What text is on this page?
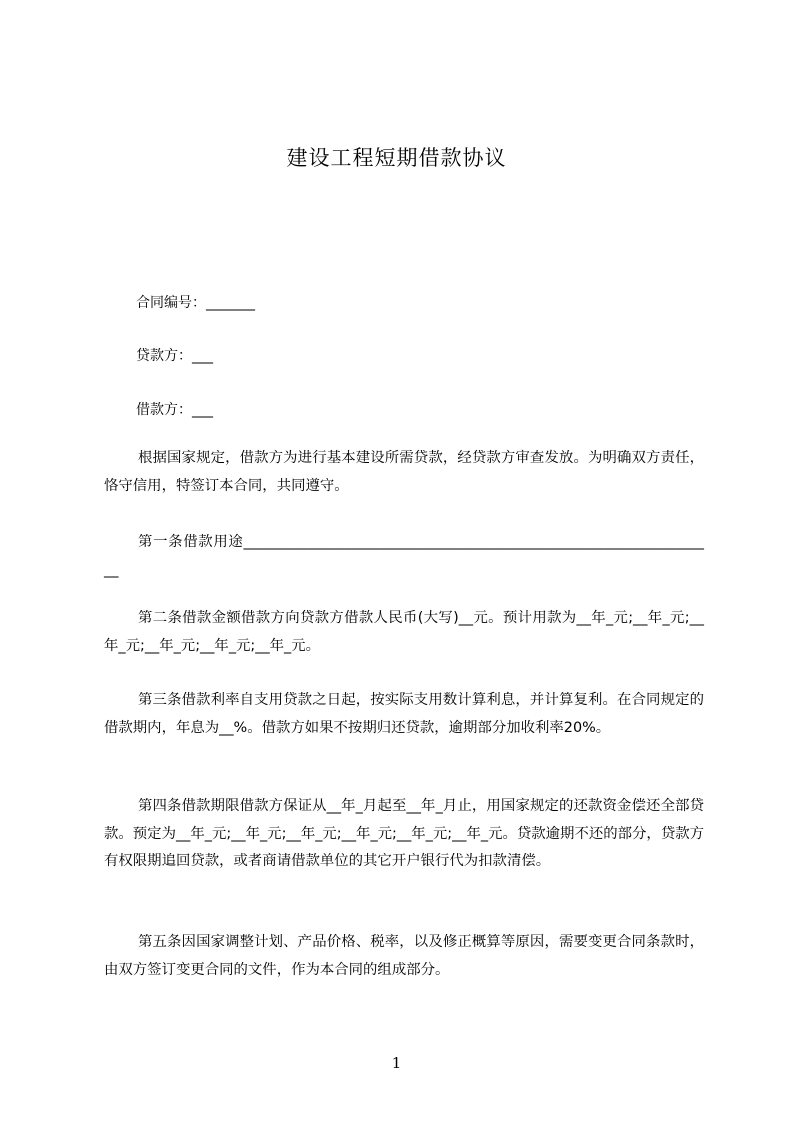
建设工程短期借款协议
合同编号：_______
贷款方：___
借款方：___
根据国家规定，借款方为进行基本建设所需贷款，经贷款方审查发放。为明确双方责任，恪守信用，特签订本合同，共同遵守。
第一条借款用途__________________________________________________________________
第二条借款金额借款方向贷款方借款人民币(大写)__元。预计用款为__年_元;__年_元;__年_元;__年_元;__年_元;__年_元。
第三条借款利率自支用贷款之日起，按实际支用数计算利息，并计算复利。在合同规定的借款期内，年息为__%。借款方如果不按期归还贷款，逾期部分加收利率20%。
第四条借款期限借款方保证从__年_月起至__年_月止，用国家规定的还款资金偿还全部贷款。预定为__年_元;__年_元;__年_元;__年_元;__年_元;__年_元。贷款逾期不还的部分，贷款方有权限期追回贷款，或者商请借款单位的其它开户银行代为扣款清偿。
第五条因国家调整计划、产品价格、税率，以及修正概算等原因，需要变更合同条款时，由双方签订变更合同的文件，作为本合同的组成部分。
1
